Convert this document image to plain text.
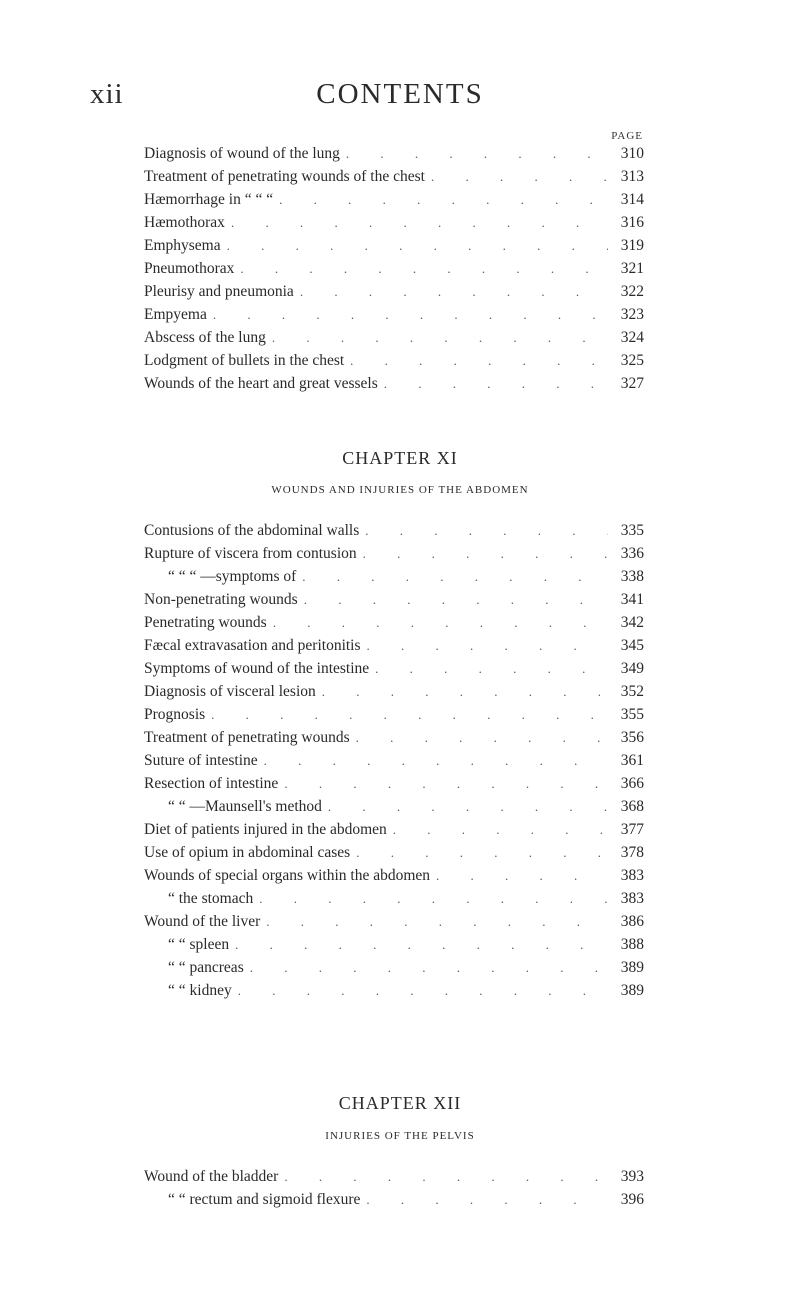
xii	CONTENTS
PAGE
Diagnosis of wound of the lung . . .	310
Treatment of penetrating wounds of the chest . . .	313
Hæmorrhage in “ “ “ . . .	314
Hæmothorax . . .	316
Emphysema . . .	319
Pneumothorax . . .	321
Pleurisy and pneumonia . . .	322
Empyema . . .	323
Abscess of the lung . . .	324
Lodgment of bullets in the chest . . .	325
Wounds of the heart and great vessels . . .	327
CHAPTER XI
WOUNDS AND INJURIES OF THE ABDOMEN
Contusions of the abdominal walls . . .	335
Rupture of viscera from contusion . . .	336
“ “ “ —symptoms of . . .	338
Non-penetrating wounds . . .	341
Penetrating wounds . . .	342
Fæcal extravasation and peritonitis . . .	345
Symptoms of wound of the intestine . . .	349
Diagnosis of visceral lesion . . .	352
Prognosis . . .	355
Treatment of penetrating wounds . . .	356
Suture of intestine . . .	361
Resection of intestine . . .	366
“ “ —Maunsell's method . . .	368
Diet of patients injured in the abdomen . . .	377
Use of opium in abdominal cases . . .	378
Wounds of special organs within the abdomen . . .	383
“ the stomach . . .	383
Wound of the liver . . .	386
“ “ spleen . . .	388
“ “ pancreas . . .	389
“ “ kidney . . .	389
CHAPTER XII
INJURIES OF THE PELVIS
Wound of the bladder . . .	393
“ “ rectum and sigmoid flexure . . .	396
